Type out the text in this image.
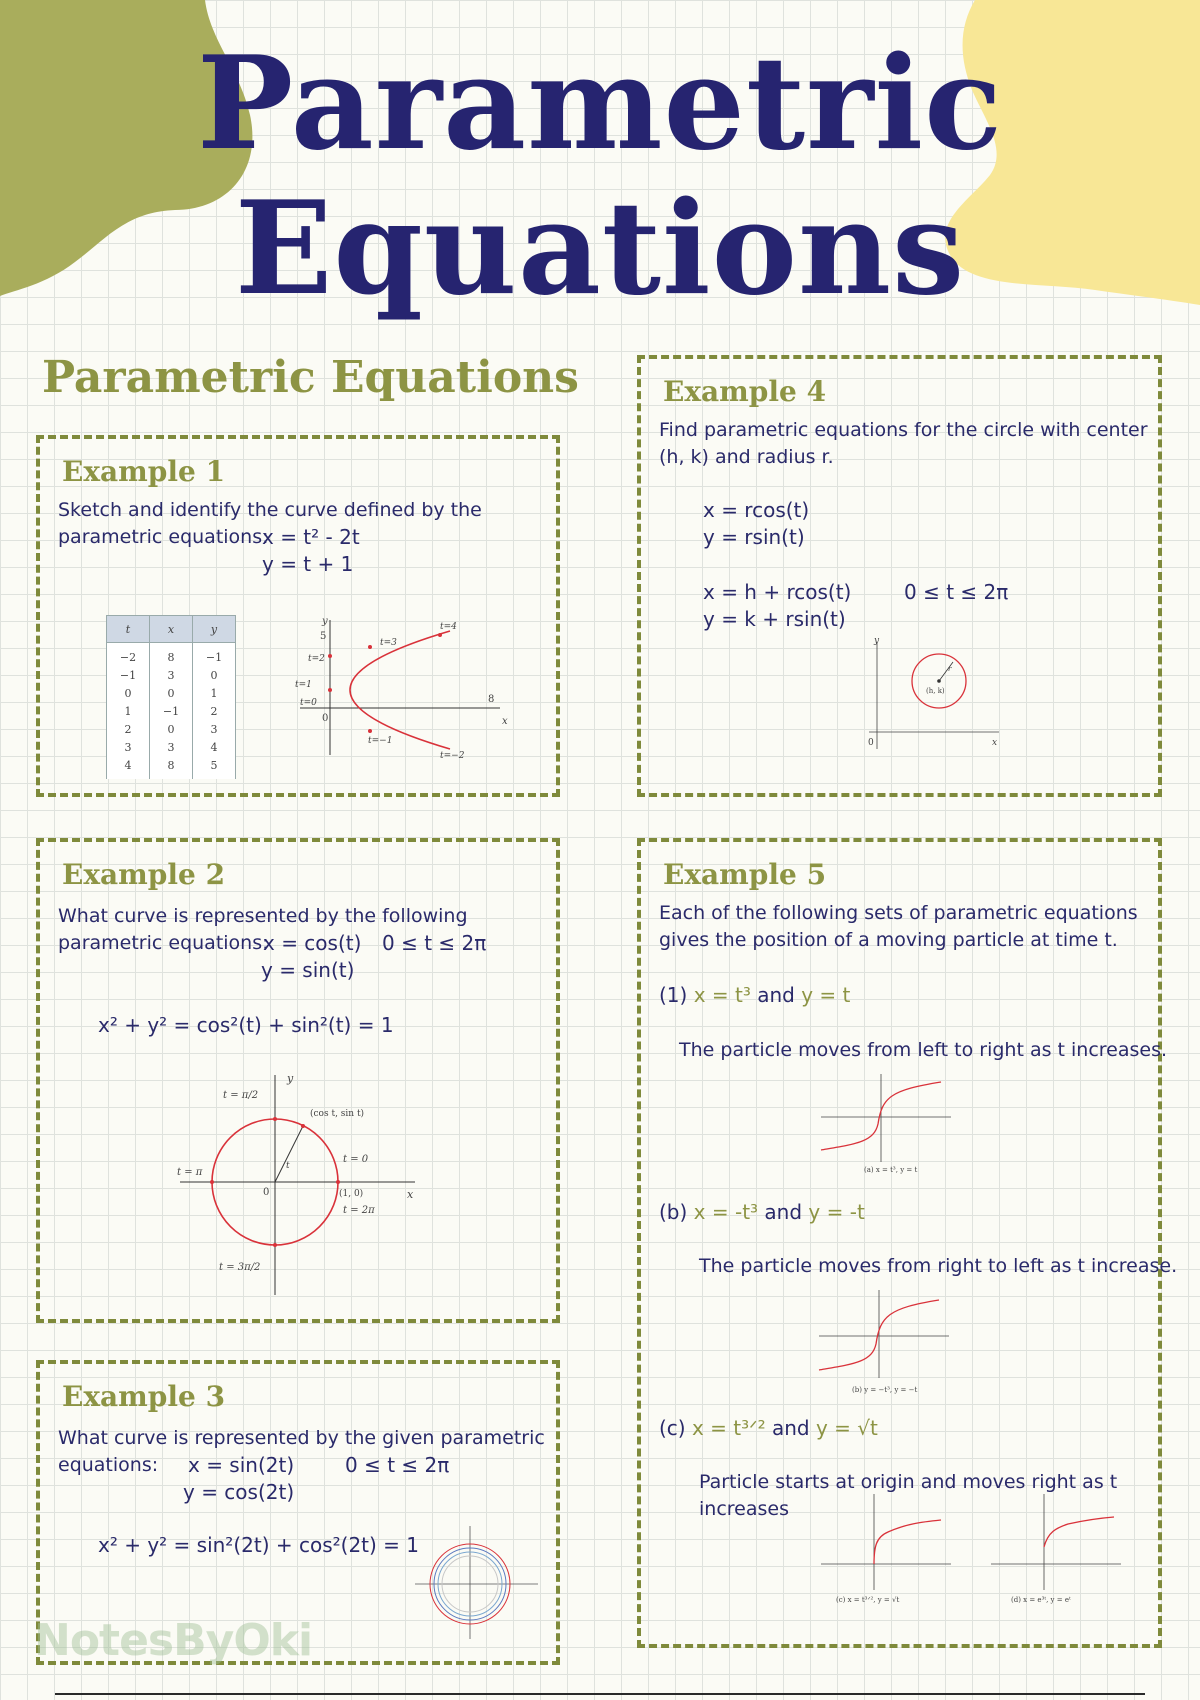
Parametric
Equations
Parametric Equations
Example 1
Sketch and identify the curve defined by the
parametric equations:
x = t² - 2t
y = t + 1
t	x	y
−2	8	−1
−1	3	0
0	0	1
1	−1	2
2	0	3
3	3	4
4	8	5
y
x
5
8
0
t=4
t=3
t=2
t=1
t=0
t=−1
t=−2
Example 2
What curve is represented by the following
parametric equations:
x = cos(t) 0 ≤ t ≤ 2π
y = sin(t)
x² + y² = cos²(t) + sin²(t) = 1
y
x
0
t = π/2
t = π
t = 3π/2
t = 0
t = 2π
(cos t, sin t)
(1, 0)
t
Example 3
What curve is represented by the given parametric
equations: x = sin(2t)	0 ≤ t ≤ 2π
y = cos(2t)
x² + y² = sin²(2t) + cos²(2t) = 1
Example 4
Find parametric equations for the circle with center
(h, k) and radius r.
x = rcos(t)
y = rsin(t)
x = h + rcos(t)	0 ≤ t ≤ 2π
y = k + rsin(t)
y
x
0
(h, k)
r
Example 5
Each of the following sets of parametric equations
gives the position of a moving particle at time t.
(1) x = t³ and y = t
The particle moves from left to right as t increases.
(a) x = t³, y = t
(b) x = -t³ and y = -t
The particle moves from right to left as t increase.
(b) y = −t³, y = −t
(c) x = t³ᐟ² and y = √t
Particle starts at origin and moves right as t
increases
(c) x = t³ᐟ², y = √t	(d) x = e³ᵗ, y = eᵗ
NotesByOki
